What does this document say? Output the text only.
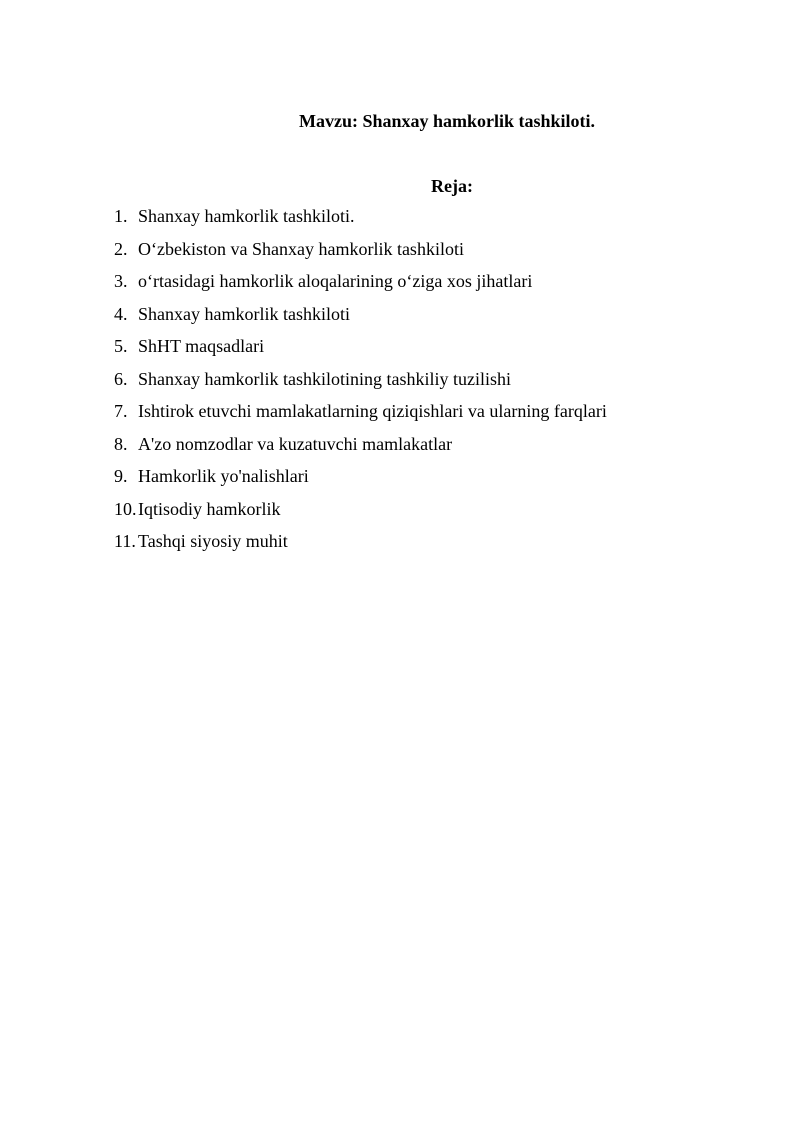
Mavzu: Shanxay hamkorlik tashkiloti.
Reja:
1. Shanxay hamkorlik tashkiloti.
2. O‘zbekiston va Shanxay hamkorlik tashkiloti
3. o‘rtasidagi hamkorlik aloqalarining o‘ziga xos jihatlari
4. Shanxay hamkorlik tashkiloti
5. ShHT maqsadlari
6. Shanxay hamkorlik tashkilotining tashkiliy tuzilishi
7. Ishtirok etuvchi mamlakatlarning qiziqishlari va ularning farqlari
8. A'zo nomzodlar va kuzatuvchi mamlakatlar
9. Hamkorlik yo'nalishlari
10.Iqtisodiy hamkorlik
11. Tashqi siyosiy muhit
